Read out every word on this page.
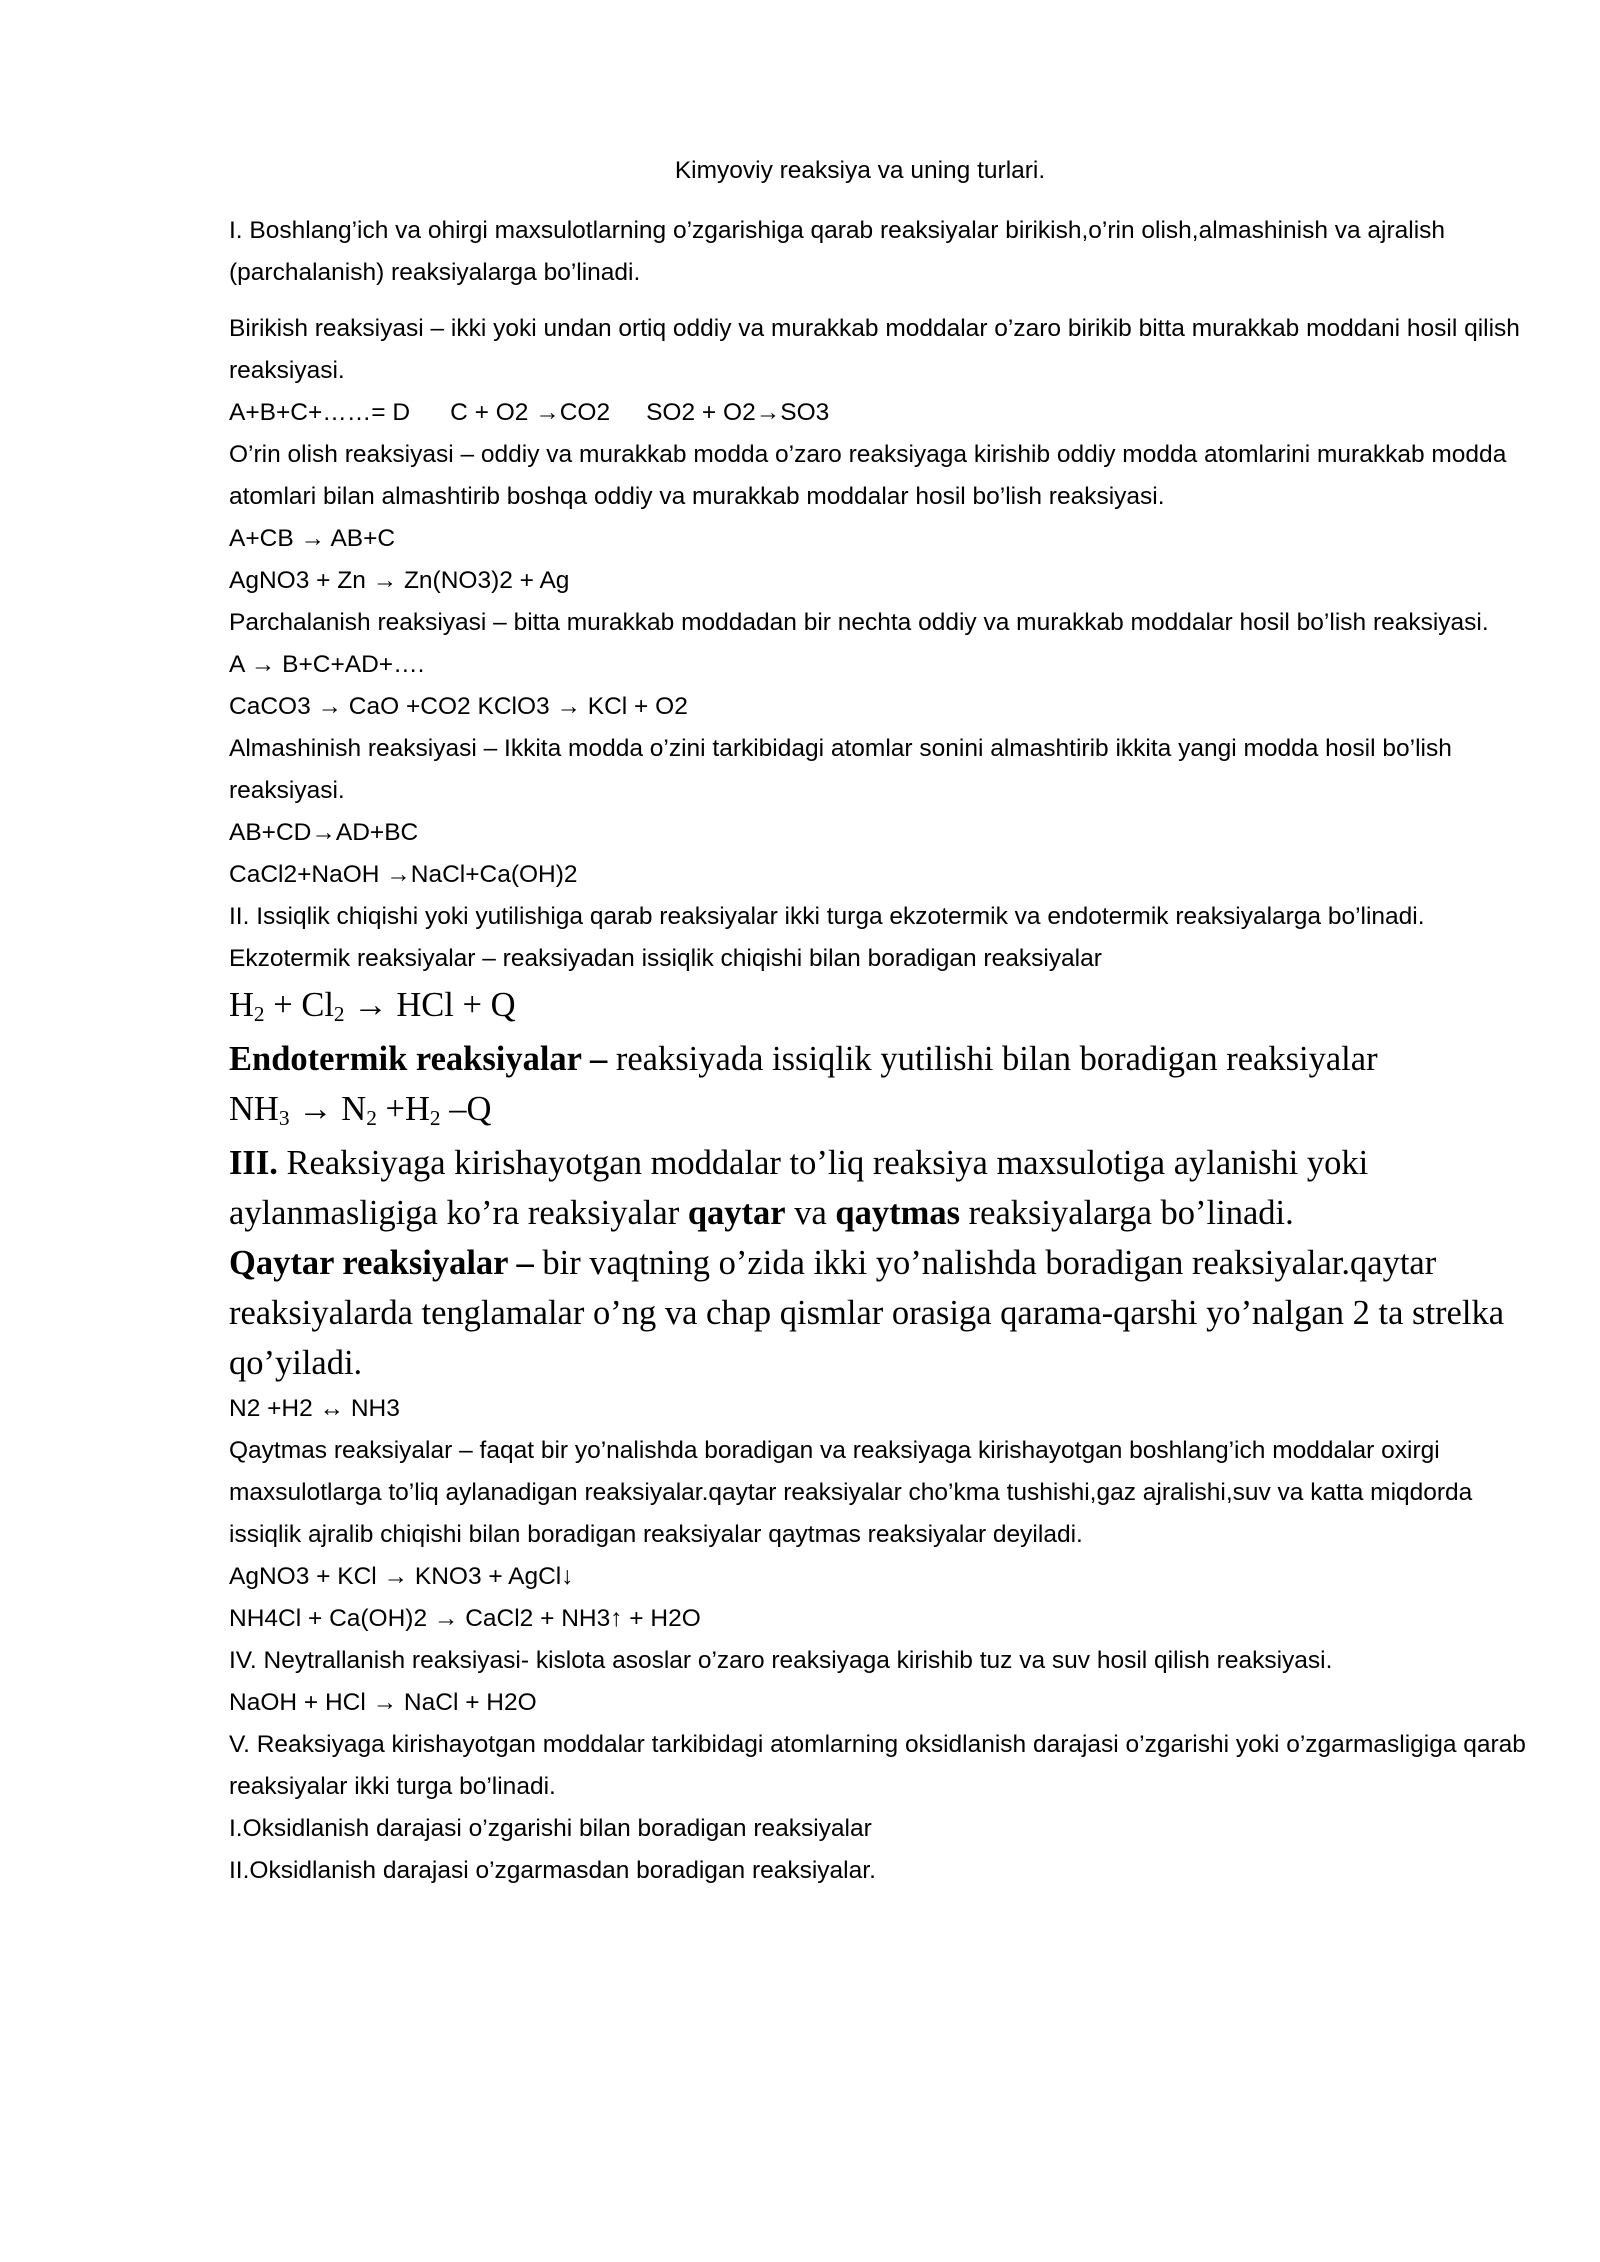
Kimyoviy reaksiya va uning turlari.

I. Boshlang’ich va ohirgi maxsulotlarning o’zgarishiga qarab reaksiyalar birikish,o’rin olish,almashinish va ajralish (parchalanish) reaksiyalarga bo’linadi.

Birikish reaksiyasi – ikki yoki undan ortiq oddiy va murakkab moddalar o’zaro birikib bitta murakkab moddani hosil qilish reaksiyasi.

A+B+C+……= D C + O2 →CO2 SO2 + O2→SO3

O’rin olish reaksiyasi – oddiy va murakkab modda o’zaro reaksiyaga kirishib oddiy modda atomlarini murakkab modda atomlari bilan almashtirib boshqa oddiy va murakkab moddalar hosil bo’lish reaksiyasi.

A+CB → AB+C

AgNO3 + Zn → Zn(NO3)2 + Ag

Parchalanish reaksiyasi – bitta murakkab moddadan bir nechta oddiy va murakkab moddalar hosil bo’lish reaksiyasi.

A → B+C+AD+….

CaCO3 → CaO +CO2 KClO3 → KCl + O2

Almashinish reaksiyasi – Ikkita modda o’zini tarkibidagi atomlar sonini almashtirib ikkita yangi modda hosil bo’lish reaksiyasi.

AB+CD→AD+BC

CaCl2+NaOH →NaCl+Ca(OH)2

II. Issiqlik chiqishi yoki yutilishiga qarab reaksiyalar ikki turga ekzotermik va endotermik reaksiyalarga bo’linadi.

Ekzotermik reaksiyalar – reaksiyadan issiqlik chiqishi bilan boradigan reaksiyalar

$H_2 + Cl_2$ → HCl + Q

Endotermik reaksiyalar – reaksiyada issiqlik yutilishi bilan boradigan reaksiyalar

$NH_3 \to N_2 +H_2$ –Q

III. Reaksiyaga kirishayotgan moddalar to’liq reaksiya maxsulotiga aylanishi yoki aylanmasligiga ko’ra reaksiyalar qaytar va qaytmas reaksiyalarga bo’linadi.

Qaytar reaksiyalar – bir vaqtning o’zida ikki yo’nalishda boradigan reaksiyalar.qaytar reaksiyalarda tenglamalar o’ng va chap qismlar orasiga qarama-qarshi yo’nalgan 2 ta strelka qo’yiladi.

N2 +H2 ↔ NH3

Qaytmas reaksiyalar – faqat bir yo’nalishda boradigan va reaksiyaga kirishayotgan boshlang’ich moddalar oxirgi maxsulotlarga to’liq aylanadigan reaksiyalar.qaytar reaksiyalar cho’kma tushishi,gaz ajralishi,suv va katta miqdorda issiqlik ajralib chiqishi bilan boradigan reaksiyalar qaytmas reaksiyalar deyiladi.

AgNO3 + KCl → KNO3 + AgCl↓

NH4Cl + Ca(OH)2 → CaCl2 + NH3↑ + H2O

IV. Neytrallanish reaksiyasi- kislota asoslar o’zaro reaksiyaga kirishib tuz va suv hosil qilish reaksiyasi.

NaOH + HCl → NaCl + H2O

V. Reaksiyaga kirishayotgan moddalar tarkibidagi atomlarning oksidlanish darajasi o’zgarishi yoki o’zgarmasligiga qarab reaksiyalar ikki turga bo’linadi.

I.Oksidlanish darajasi o’zgarishi bilan boradigan reaksiyalar

II.Oksidlanish darajasi o’zgarmasdan boradigan reaksiyalar.
